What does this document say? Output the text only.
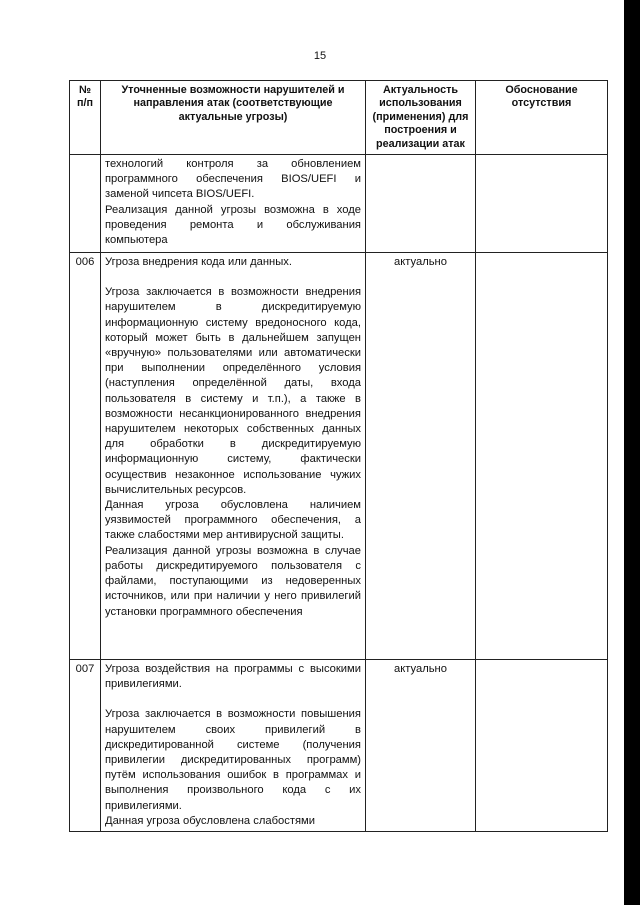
15
№ п/п	Уточненные возможности нарушителей и направления атак (соответствующие актуальные угрозы)	Актуальность использования (применения) для построения и реализации атак	Обоснование отсутствия

	технологий контроля за обновлением программного обеспечения BIOS/UEFI и заменой чипсета BIOS/UEFI.

Реализация данной угрозы возможна в ходе проведения ремонта и обслуживания компьютера		

006	Угроза внедрения кода или данных.

Угроза заключается в возможности внедрения нарушителем в дискредитируемую информационную систему вредоносного кода, который может быть в дальнейшем запущен «вручную» пользователями или автоматически при выполнении определённого условия (наступления определённой даты, входа пользователя в систему и т.п.), а также в возможности несанкционированного внедрения нарушителем некоторых собственных данных для обработки в дискредитируемую информационную систему, фактически осуществив незаконное использование чужих вычислительных ресурсов.

Данная угроза обусловлена наличием уязвимостей программного обеспечения, а также слабостями мер антивирусной защиты.

Реализация данной угрозы возможна в случае работы дискредитируемого пользователя с файлами, поступающими из недоверенных источников, или при наличии у него привилегий установки программного обеспечения	актуально	
007	Угроза воздействия на программы с высокими привилегиями.

Угроза заключается в возможности повышения нарушителем своих привилегий в дискредитированной системе (получения привилегии дискредитированных программ) путём использования ошибок в программах и выполнения произвольного кода с их привилегиями.

Данная угроза обусловлена слабостями	актуально	
